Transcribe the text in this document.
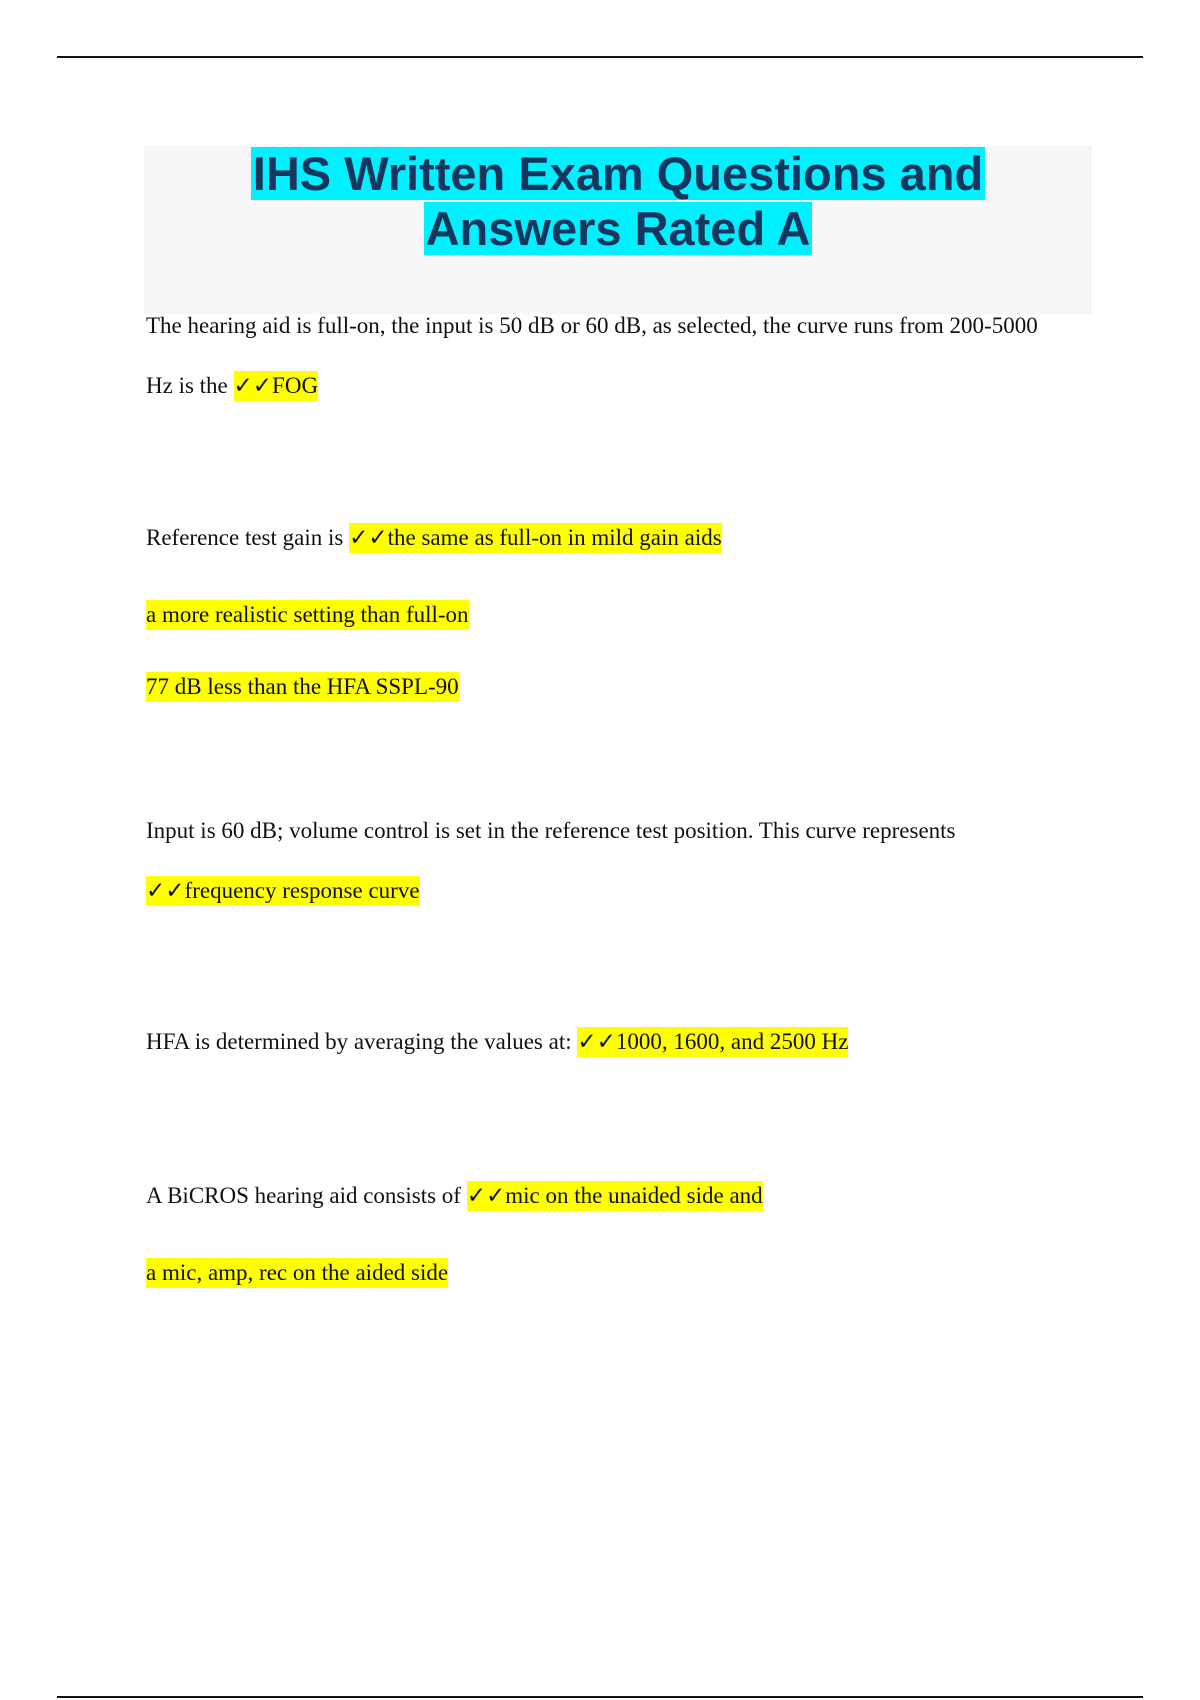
IHS Written Exam Questions and
Answers Rated A
The hearing aid is full-on, the input is 50 dB or 60 dB, as selected, the curve runs from 200-5000
Hz is the ✓✓FOG
Reference test gain is ✓✓the same as full-on in mild gain aids
a more realistic setting than full-on
77 dB less than the HFA SSPL-90
Input is 60 dB; volume control is set in the reference test position. This curve represents
✓✓frequency response curve
HFA is determined by averaging the values at: ✓✓1000, 1600, and 2500 Hz
A BiCROS hearing aid consists of ✓✓mic on the unaided side and
a mic, amp, rec on the aided side
